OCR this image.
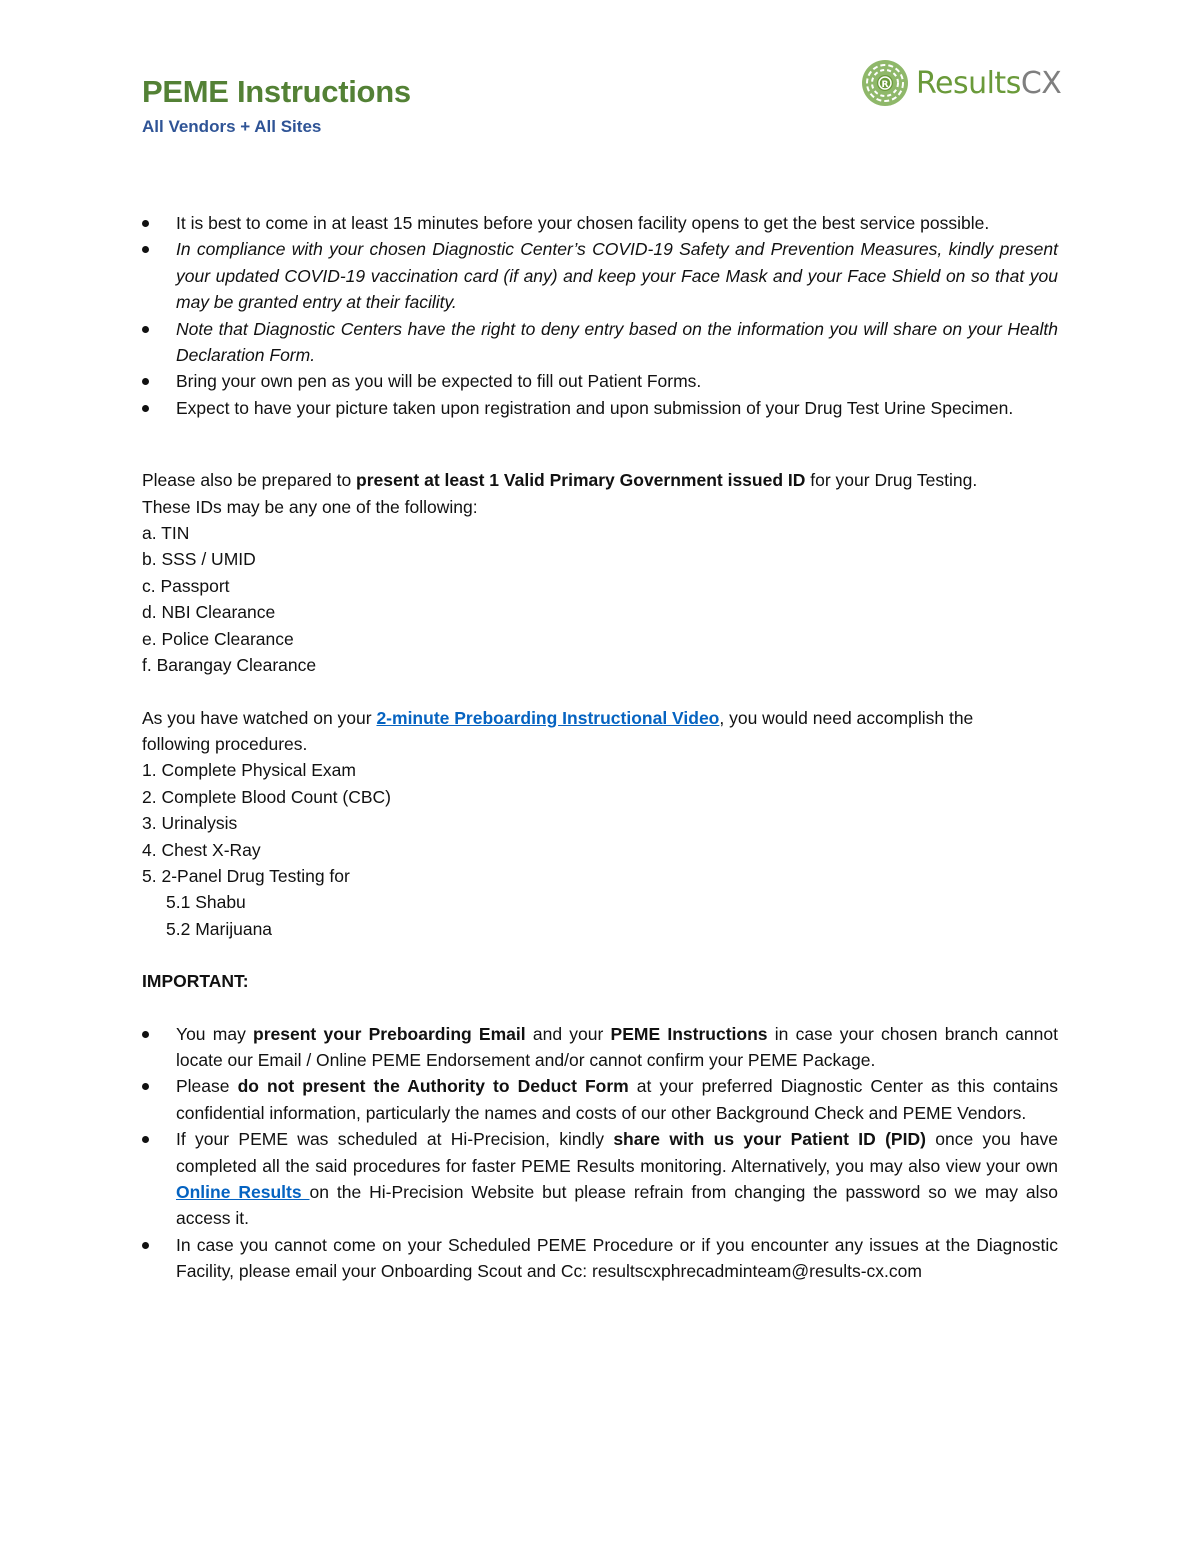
PEME Instructions
All Vendors + All Sites
R ResultsCX
It is best to come in at least 15 minutes before your chosen facility opens to get the best service possible.
In compliance with your chosen Diagnostic Center’s COVID-19 Safety and Prevention Measures, kindly present your updated COVID-19 vaccination card (if any) and keep your Face Mask and your Face Shield on so that you may be granted entry at their facility.
Note that Diagnostic Centers have the right to deny entry based on the information you will share on your Health Declaration Form.
Bring your own pen as you will be expected to fill out Patient Forms.
Expect to have your picture taken upon registration and upon submission of your Drug Test Urine Specimen.
Please also be prepared to present at least 1 Valid Primary Government issued ID for your Drug Testing.
These IDs may be any one of the following:
a. TIN
b. SSS / UMID
c. Passport
d. NBI Clearance
e. Police Clearance
f. Barangay Clearance
As you have watched on your 2-minute Preboarding Instructional Video, you would need accomplish the
following procedures.
1. Complete Physical Exam
2. Complete Blood Count (CBC)
3. Urinalysis
4. Chest X-Ray
5. 2-Panel Drug Testing for
5.1 Shabu
5.2 Marijuana
IMPORTANT:
You may present your Preboarding Email and your PEME Instructions in case your chosen branch cannot locate our Email / Online PEME Endorsement and/or cannot confirm your PEME Package.
Please do not present the Authority to Deduct Form at your preferred Diagnostic Center as this contains confidential information, particularly the names and costs of our other Background Check and PEME Vendors.
If your PEME was scheduled at Hi-Precision, kindly share with us your Patient ID (PID) once you have completed all the said procedures for faster PEME Results monitoring. Alternatively, you may also view your own Online Results on the Hi-Precision Website but please refrain from changing the password so we may also access it.
In case you cannot come on your Scheduled PEME Procedure or if you encounter any issues at the Diagnostic Facility, please email your Onboarding Scout and Cc: resultscxphrecadminteam@results-cx.com
